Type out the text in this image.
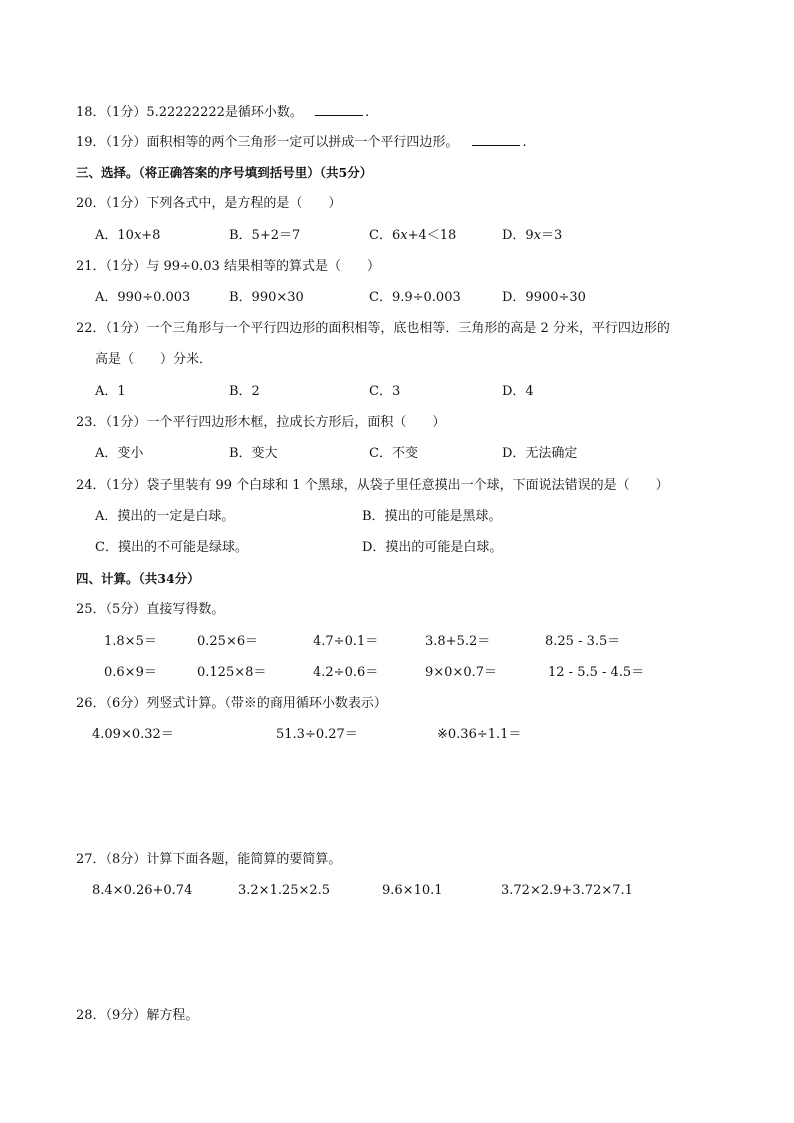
18．（1分）5.22222222是循环小数。	.
19．（1分）面积相等的两个三角形一定可以拼成一个平行四边形。	.
三、选择。（将正确答案的序号填到括号里）（共5分）
20．（1分）下列各式中，是方程的是（　　）
A．10x+8	B．5+2＝7	C．6x+4＜18	D．9x＝3
21．（1分）与 99÷0.03 结果相等的算式是（　　）
A．990÷0.003	B．990×30	C．9.9÷0.003	D．9900÷30
22．（1分）一个三角形与一个平行四边形的面积相等，底也相等．三角形的高是 2 分米，平行四边形的
高是（　　）分米．
A．1	B．2	C．3	D．4
23．（1分）一个平行四边形木框，拉成长方形后，面积（　　）
A．变小	B．变大	C．不变	D．无法确定
24．（1分）袋子里装有 99 个白球和 1 个黑球，从袋子里任意摸出一个球，下面说法错误的是（　　）
A．摸出的一定是白球。	B．摸出的可能是黑球。
C．摸出的不可能是绿球。	D．摸出的可能是白球。
四、计算。（共34分）
25．（5分）直接写得数。
1.8×5＝	0.25×6＝	4.7÷0.1＝	3.8+5.2＝	8.25 - 3.5＝
0.6×9＝	0.125×8＝	4.2÷0.6＝	9×0×0.7＝	12 - 5.5 - 4.5＝
26．（6分）列竖式计算。（带※的商用循环小数表示）
4.09×0.32＝	51.3÷0.27＝	※0.36÷1.1＝
27．（8分）计算下面各题，能简算的要简算。
8.4×0.26+0.74	3.2×1.25×2.5	9.6×10.1	3.72×2.9+3.72×7.1
28．（9分）解方程。
